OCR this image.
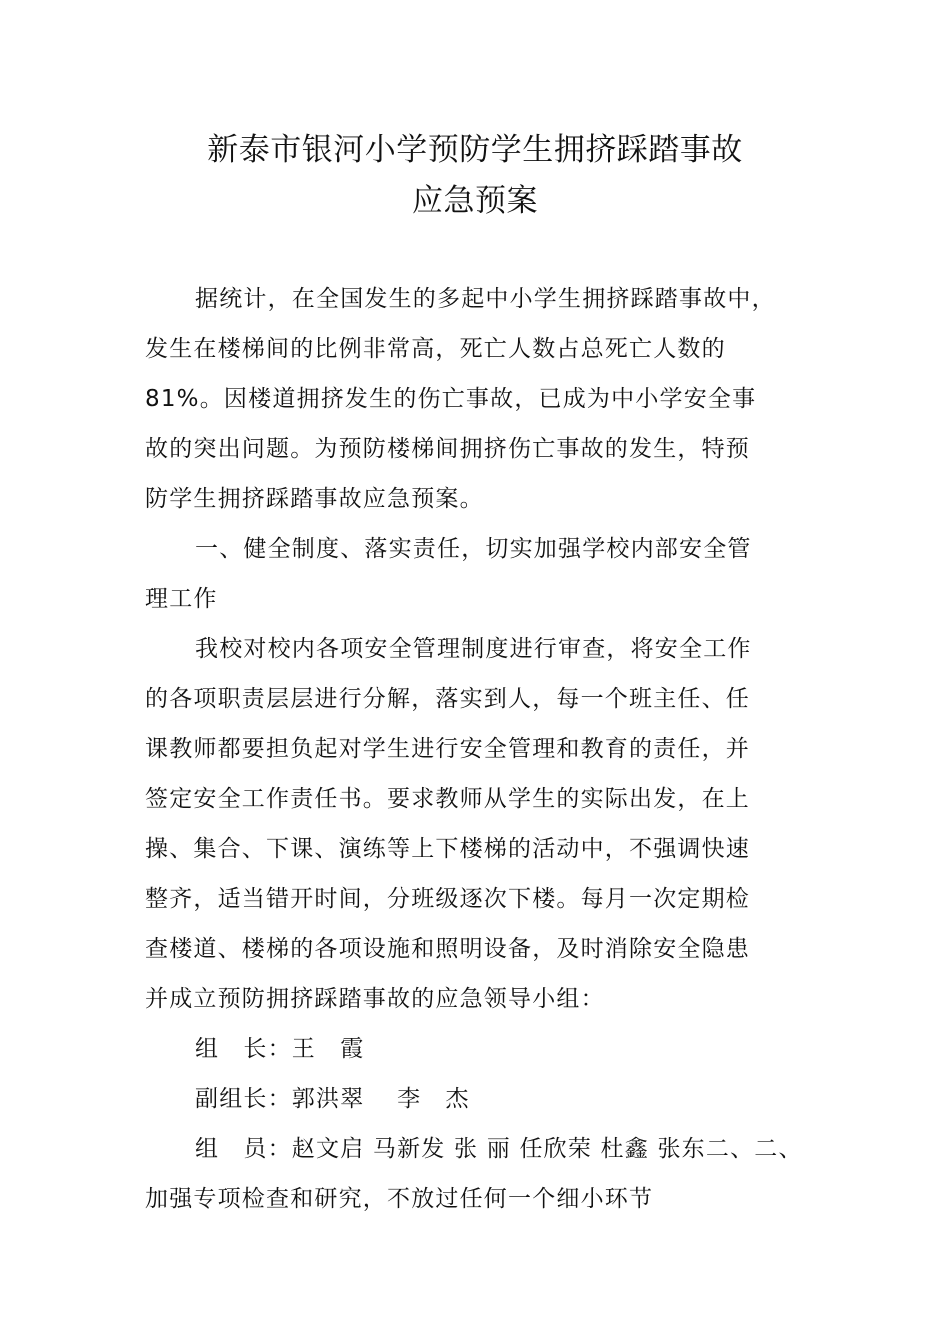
新泰市银河小学预防学生拥挤踩踏事故
应急预案
据统计，在全国发生的多起中小学生拥挤踩踏事故中，
发生在楼梯间的比例非常高，死亡人数占总死亡人数的
81%。因楼道拥挤发生的伤亡事故，已成为中小学安全事
故的突出问题。为预防楼梯间拥挤伤亡事故的发生，特预
防学生拥挤踩踏事故应急预案。
一、健全制度、落实责任，切实加强学校内部安全管
理工作
我校对校内各项安全管理制度进行审查，将安全工作
的各项职责层层进行分解，落实到人，每一个班主任、任
课教师都要担负起对学生进行安全管理和教育的责任，并
签定安全工作责任书。要求教师从学生的实际出发，在上
操、集合、下课、演练等上下楼梯的活动中，不强调快速
整齐，适当错开时间，分班级逐次下楼。每月一次定期检
查楼道、楼梯的各项设施和照明设备，及时消除安全隐患
并成立预防拥挤踩踏事故的应急领导小组：
组　长：王　霞
副组长：郭洪翠　 李　杰
组　员：赵文启 马新发 张 丽 任欣荣 杜鑫 张东二、二、
加强专项检查和研究，不放过任何一个细小环节
